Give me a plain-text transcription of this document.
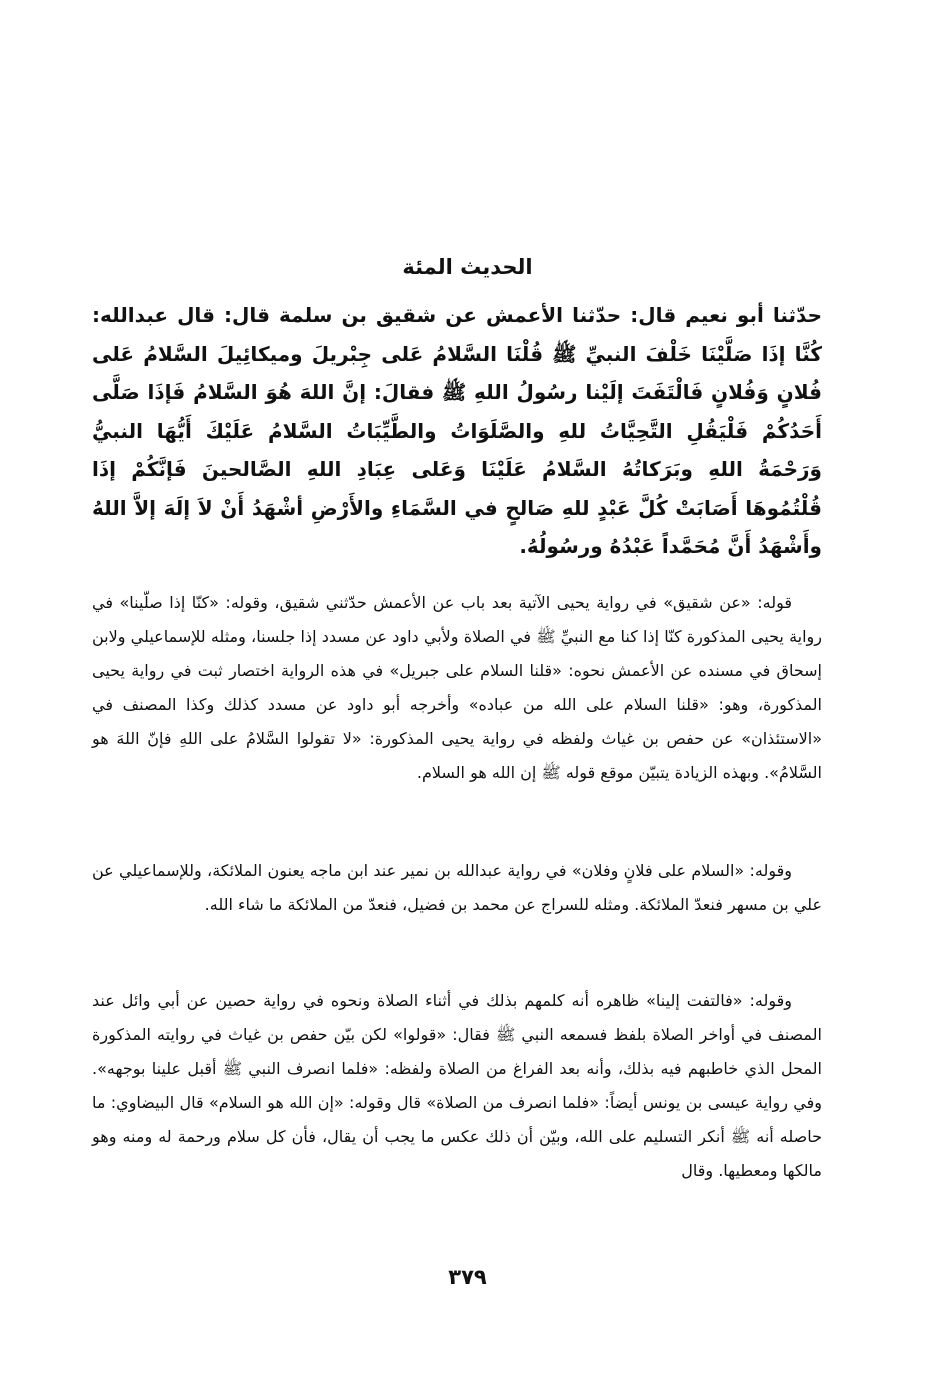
الحديث المئة

حدّثنا أبو نعيم قال: حدّثنا الأعمش عن شقيق بن سلمة قال: قال عبدالله: كُنَّا إذَا صَلَّيْنَا خَلْفَ النبيِّ ﷺ قُلْنَا السَّلامُ عَلى جِبْريلَ وميكائِيلَ السَّلامُ عَلى فُلانٍ وَفُلانٍ فَالْتَفَتَ إلَيْنا رسُولُ اللهِ ﷺ فقالَ: إنَّ اللهَ هُوَ السَّلامُ فَإذَا صَلَّى أَحَدُكُمْ فَلْيَقُلِ التَّحِيَّاتُ للهِ والصَّلَوَاتُ والطَّيِّبَاتُ السَّلامُ عَلَيْكَ أَيُّهَا النبيُّ وَرَحْمَةُ اللهِ وبَرَكاتُهُ السَّلامُ عَلَيْنَا وَعَلى عِبَادِ اللهِ الصَّالحينَ فَإنَّكُمْ إذَا قُلْتُمُوهَا أَصَابَتْ كُلَّ عَبْدٍ للهِ صَالحٍ في السَّمَاءِ والأَرْضِ أشْهَدُ أَنْ لاَ إلَهَ إلاَّ اللهُ وأَشْهَدُ أَنَّ مُحَمَّداً عَبْدُهُ ورسُولُهُ.

قوله: «عن شقيق» في رواية يحيى الآتية بعد باب عن الأعمش حدّثني شقيق، وقوله: «كنّا إذا صلّينا» في رواية يحيى المذكورة كنّا إذا كنا مع النبيِّ ﷺ في الصلاة ولأبي داود عن مسدد إذا جلسنا، ومثله للإسماعيلي ولابن إسحاق في مسنده عن الأعمش نحوه: «قلنا السلام على جبريل» في هذه الرواية اختصار ثبت في رواية يحيى المذكورة، وهو: «قلنا السلام على الله من عباده» وأخرجه أبو داود عن مسدد كذلك وكذا المصنف في «الاستئذان» عن حفص بن غياث ولفظه في رواية يحيى المذكورة: «لا تقولوا السَّلامُ على اللهِ فإنّ اللهَ هو السَّلامُ». وبهذه الزيادة يتبيّن موقع قوله ﷺ إن الله هو السلام.

وقوله: «السلام على فلانٍ وفلان» في رواية عبدالله بن نمير عند ابن ماجه يعنون الملائكة، وللإسماعيلي عن علي بن مسهر فنعدّ الملائكة. ومثله للسراج عن محمد بن فضيل، فنعدّ من الملائكة ما شاء الله.

وقوله: «فالتفت إلينا» ظاهره أنه كلمهم بذلك في أثناء الصلاة ونحوه في رواية حصين عن أبي وائل عند المصنف في أواخر الصلاة بلفظ فسمعه النبي ﷺ فقال: «قولوا» لكن بيّن حفص بن غياث في روايته المذكورة المحل الذي خاطبهم فيه بذلك، وأنه بعد الفراغ من الصلاة ولفظه: «فلما انصرف النبي ﷺ أقبل علينا بوجهه». وفي رواية عيسى بن يونس أيضاً: «فلما انصرف من الصلاة» قال وقوله: «إن الله هو السلام» قال البيضاوي: ما حاصله أنه ﷺ أنكر التسليم على الله، وبيّن أن ذلك عكس ما يجب أن يقال، فأن كل سلام ورحمة له ومنه وهو مالكها ومعطيها. وقال

٣٧٩
